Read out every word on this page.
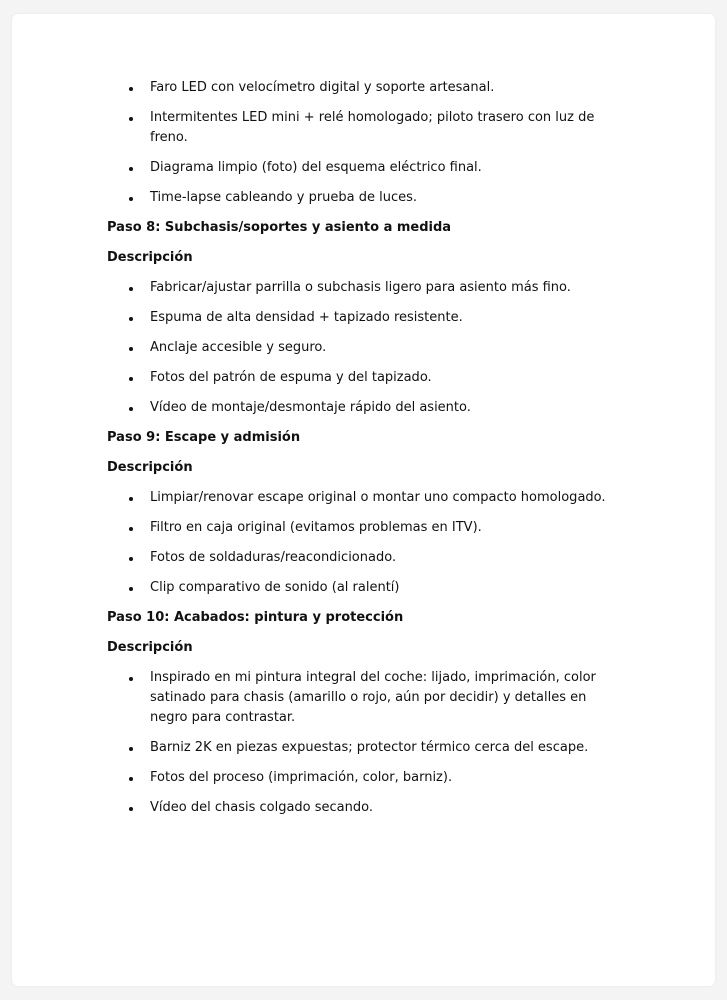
Faro LED con velocímetro digital y soporte artesanal.
Intermitentes LED mini + relé homologado; piloto trasero con luz de freno.
Diagrama limpio (foto) del esquema eléctrico final.
Time-lapse cableando y prueba de luces.
Paso 8: Subchasis/soportes y asiento a medida
Descripción
Fabricar/ajustar parrilla o subchasis ligero para asiento más fino.
Espuma de alta densidad + tapizado resistente.
Anclaje accesible y seguro.
Fotos del patrón de espuma y del tapizado.
Vídeo de montaje/desmontaje rápido del asiento.
Paso 9: Escape y admisión
Descripción
Limpiar/renovar escape original o montar uno compacto homologado.
Filtro en caja original (evitamos problemas en ITV).
Fotos de soldaduras/reacondicionado.
Clip comparativo de sonido (al ralentí)
Paso 10: Acabados: pintura y protección
Descripción
Inspirado en mi pintura integral del coche: lijado, imprimación, color satinado para chasis (amarillo o rojo, aún por decidir) y detalles en negro para contrastar.
Barniz 2K en piezas expuestas; protector térmico cerca del escape.
Fotos del proceso (imprimación, color, barniz).
Vídeo del chasis colgado secando.
